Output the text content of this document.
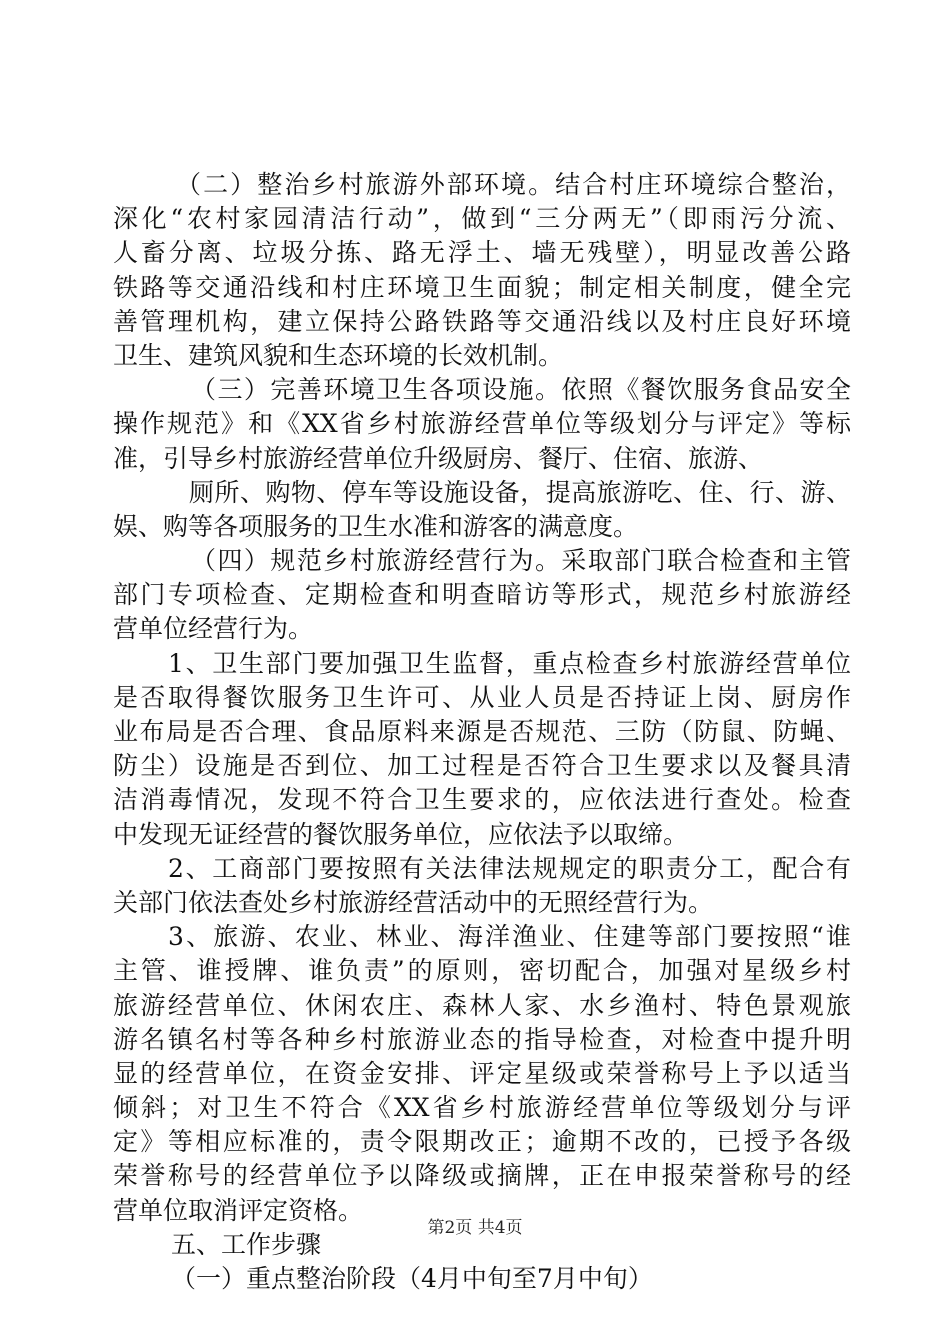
（二）整治乡村旅游外部环境。结合村庄环境综合整治，
深化“农村家园清洁行动”，做到“三分两无”（即雨污分流、
人畜分离、垃圾分拣、路无浮土、墙无残壁），明显改善公路
铁路等交通沿线和村庄环境卫生面貌；制定相关制度，健全完
善管理机构，建立保持公路铁路等交通沿线以及村庄良好环境
卫生、建筑风貌和生态环境的长效机制。
（三）完善环境卫生各项设施。依照《餐饮服务食品安全
操作规范》和《XX省乡村旅游经营单位等级划分与评定》等标
准，引导乡村旅游经营单位升级厨房、餐厅、住宿、旅游、
厕所、购物、停车等设施设备，提高旅游吃、住、行、游、
娱、购等各项服务的卫生水准和游客的满意度。
（四）规范乡村旅游经营行为。采取部门联合检查和主管
部门专项检查、定期检查和明查暗访等形式，规范乡村旅游经
营单位经营行为。
1、卫生部门要加强卫生监督，重点检查乡村旅游经营单位
是否取得餐饮服务卫生许可、从业人员是否持证上岗、厨房作
业布局是否合理、食品原料来源是否规范、三防（防鼠、防蝇、
防尘）设施是否到位、加工过程是否符合卫生要求以及餐具清
洁消毒情况，发现不符合卫生要求的，应依法进行查处。检查
中发现无证经营的餐饮服务单位，应依法予以取缔。
2、工商部门要按照有关法律法规规定的职责分工，配合有
关部门依法查处乡村旅游经营活动中的无照经营行为。
3、旅游、农业、林业、海洋渔业、住建等部门要按照“谁
主管、谁授牌、谁负责”的原则，密切配合，加强对星级乡村
旅游经营单位、休闲农庄、森林人家、水乡渔村、特色景观旅
游名镇名村等各种乡村旅游业态的指导检查，对检查中提升明
显的经营单位，在资金安排、评定星级或荣誉称号上予以适当
倾斜；对卫生不符合《XX省乡村旅游经营单位等级划分与评
定》等相应标准的，责令限期改正；逾期不改的，已授予各级
荣誉称号的经营单位予以降级或摘牌，正在申报荣誉称号的经
营单位取消评定资格。
五、工作步骤
（一）重点整治阶段（4月中旬至7月中旬）
第2页 共4页
